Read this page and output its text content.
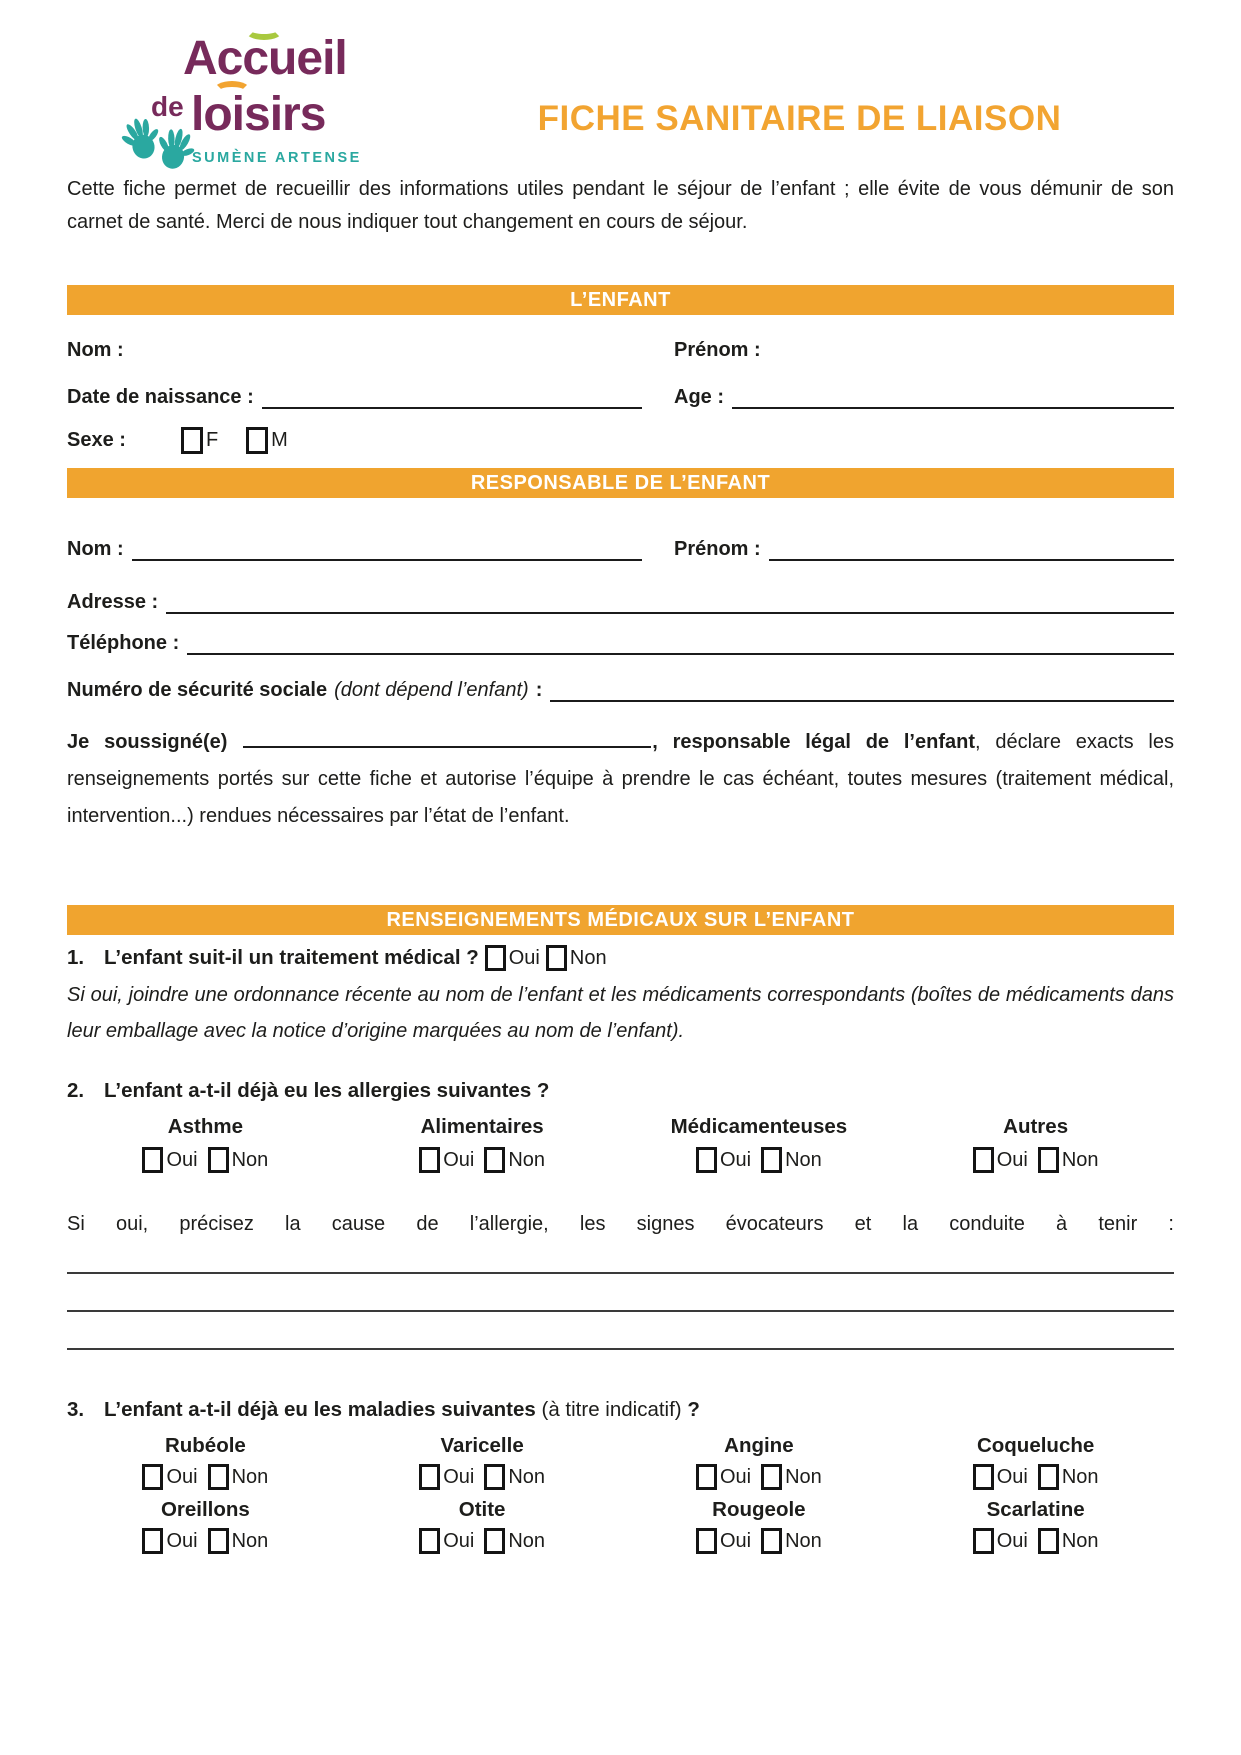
Accueil
de loisirs
SUMÈNE ARTENSE
FICHE SANITAIRE DE LIAISON

Cette fiche permet de recueillir des informations utiles pendant le séjour de l’enfant ; elle évite de vous démunir de son carnet de santé. Merci de nous indiquer tout changement en cours de séjour.

L’ENFANT
Nom :	Prénom :
Date de naissance :	Age :
Sexe :	F	M
RESPONSABLE DE L’ENFANT
Nom :	Prénom :
Adresse :
Téléphone :
Numéro de sécurité sociale (dont dépend l’enfant) :

Je soussigné(e)	, responsable légal de l’enfant, déclare exacts les renseignements portés sur cette fiche et autorise l’équipe à prendre le cas échéant, toutes mesures (traitement médical, intervention...) rendues nécessaires par l’état de l’enfant.

RENSEIGNEMENTS MÉDICAUX SUR L’ENFANT
1. L’enfant suit-il un traitement médical ? Oui Non

Si oui, joindre une ordonnance récente au nom de l’enfant et les médicaments correspondants (boîtes de médicaments dans leur emballage avec la notice d’origine marquées au nom de l’enfant).

2. L’enfant a-t-il déjà eu les allergies suivantes ?
Asthme	Alimentaires	Médicamenteuses	Autres
Oui Non	Oui Non	Oui Non	Oui Non

Si oui, précisez la cause de l’allergie, les signes évocateurs et la conduite à tenir :

3. L’enfant a-t-il déjà eu les maladies suivantes (à titre indicatif) ?
Rubéole	Varicelle	Angine	Coqueluche
Oui Non	Oui Non	Oui Non	Oui Non
Oreillons	Otite	Rougeole	Scarlatine
Oui Non	Oui Non	Oui Non	Oui Non
